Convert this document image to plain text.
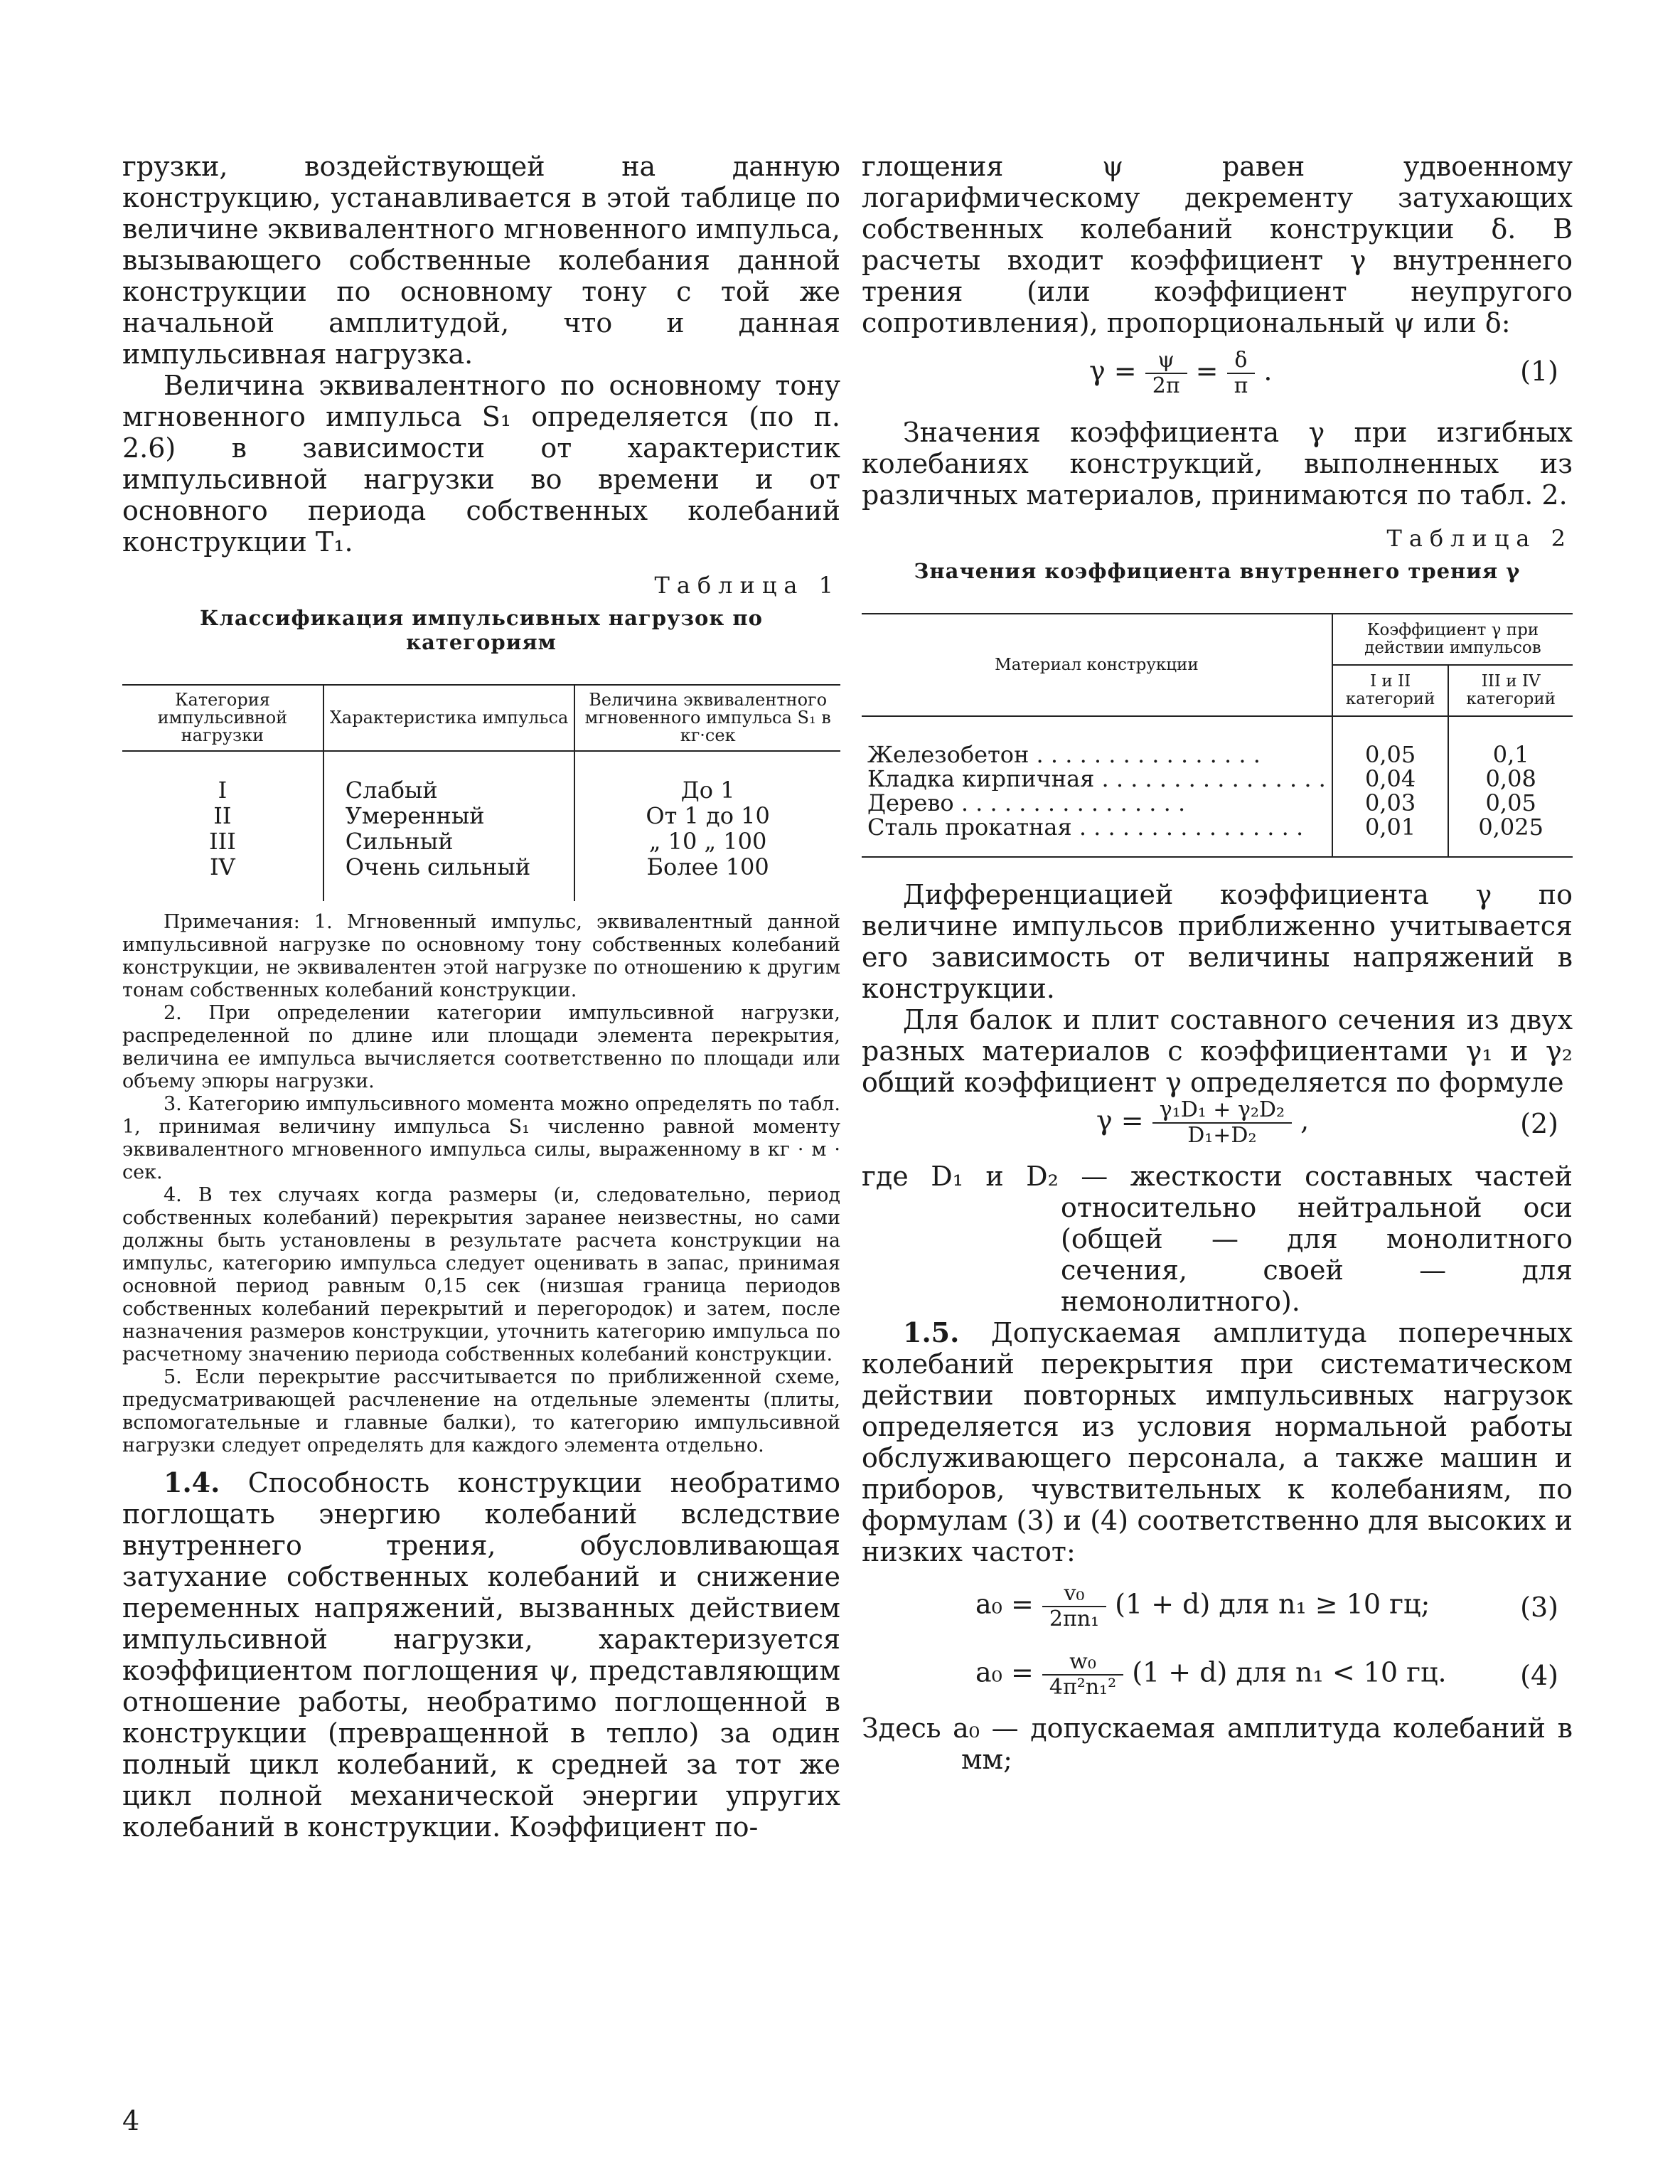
грузки, воздействующей на данную конструкцию, устанавливается в этой таблице по величине эквивалентного мгновенного импульса, вызывающего собственные колебания данной конструкции по основному тону с той же начальной амплитудой, что и данная импульсивная нагрузка.

Величина эквивалентного по основному тону мгновенного импульса S₁ определяется (по п. 2.6) в зависимости от характеристик импульсивной нагрузки во времени и от основного периода собственных колебаний конструкции T₁.

Таблица 1

Классификация импульсивных нагрузок по категориям

Категория импульсивной нагрузки	Характеристика импульса	Величина эквивалентного мгновенного импульса S₁ в кг·сек
I	Слабый	До 1
II	Умеренный	От 1 до 10
III	Сильный	„ 10 „ 100
IV	Очень сильный	Более 100

Примечания: 1. Мгновенный импульс, эквивалентный данной импульсивной нагрузке по основному тону собственных колебаний конструкции, не эквивалентен этой нагрузке по отношению к другим тонам собственных колебаний конструкции.

2. При определении категории импульсивной нагрузки, распределенной по длине или площади элемента перекрытия, величина ее импульса вычисляется соответственно по площади или объему эпюры нагрузки.

3. Категорию импульсивного момента можно определять по табл. 1, принимая величину импульса S₁ численно равной моменту эквивалентного мгновенного импульса силы, выраженному в кг · м · сек.

4. В тех случаях когда размеры (и, следовательно, период собственных колебаний) перекрытия заранее неизвестны, но сами должны быть установлены в результате расчета конструкции на импульс, категорию импульса следует оценивать в запас, принимая основной период равным 0,15 сек (низшая граница периодов собственных колебаний перекрытий и перегородок) и затем, после назначения размеров конструкции, уточнить категорию импульса по расчетному значению периода собственных колебаний конструкции.

5. Если перекрытие рассчитывается по приближенной схеме, предусматривающей расчленение на отдельные элементы (плиты, вспомогательные и главные балки), то категорию импульсивной нагрузки следует определять для каждого элемента отдельно.

1.4. Способность конструкции необратимо поглощать энергию колебаний вследствие внутреннего трения, обусловливающая затухание собственных колебаний и снижение переменных напряжений, вызванных действием импульсивной нагрузки, характеризуется коэффициентом поглощения ψ, представляющим отношение работы, необратимо поглощенной в конструкции (превращенной в тепло) за один полный цикл колебаний, к средней за тот же цикл полной механической энергии упругих колебаний в конструкции. Коэффициент по-

глощения ψ равен удвоенному логарифмическому декременту затухающих собственных колебаний конструкции δ. В расчеты входит коэффициент γ внутреннего трения (или коэффициент неупругого сопротивления), пропорциональный ψ или δ:

$\gamma = \frac{\psi}{2\pi} = \frac{\delta}{\pi}$ .	(1)

Значения коэффициента γ при изгибных колебаниях конструкций, выполненных из различных материалов, принимаются по табл. 2.

Таблица 2

Значения коэффициента внутреннего трения γ

Материал конструкции	Коэффициент γ при действии импульсов	
	I и II категорий	III и IV категорий
Железобетон . . .	0,05	0,1
Кладка кирпичная . . .	0,04	0,08
Дерево . . .	0,03	0,05
Сталь прокатная . . .	0,01	0,025

Дифференциацией коэффициента γ по величине импульсов приближенно учитывается его зависимость от величины напряжений в конструкции.

Для балок и плит составного сечения из двух разных материалов с коэффициентами γ₁ и γ₂ общий коэффициент γ определяется по формуле

$\gamma = \frac{\text{γ₁D₁ + γ₂D₂}}{\text{D₁+D₂}}$ ,	(2)

где D₁ и D₂ — жесткости составных частей относительно нейтральной оси (общей — для монолитного сечения, своей — для немонолитного).

1.5. Допускаемая амплитуда поперечных колебаний перекрытия при систематическом действии повторных импульсивных нагрузок определяется из условия нормальной работы обслуживающего персонала, а также машин и приборов, чувствительных к колебаниям, по формулам (3) и (4) соответственно для высоких и низких частот:

$a_0 = \frac{\text{v₀}}{\text{2πn₁}} (1 + d)$ для n₁ ≥ 10 гц;	(3)
$a_0 = \frac{\text{w₀}}{\text{4π²n₁²}} (1 + d)$ для n₁ < 10 гц.	(4)

Здесь a₀ — допускаемая амплитуда колебаний в мм;

4
